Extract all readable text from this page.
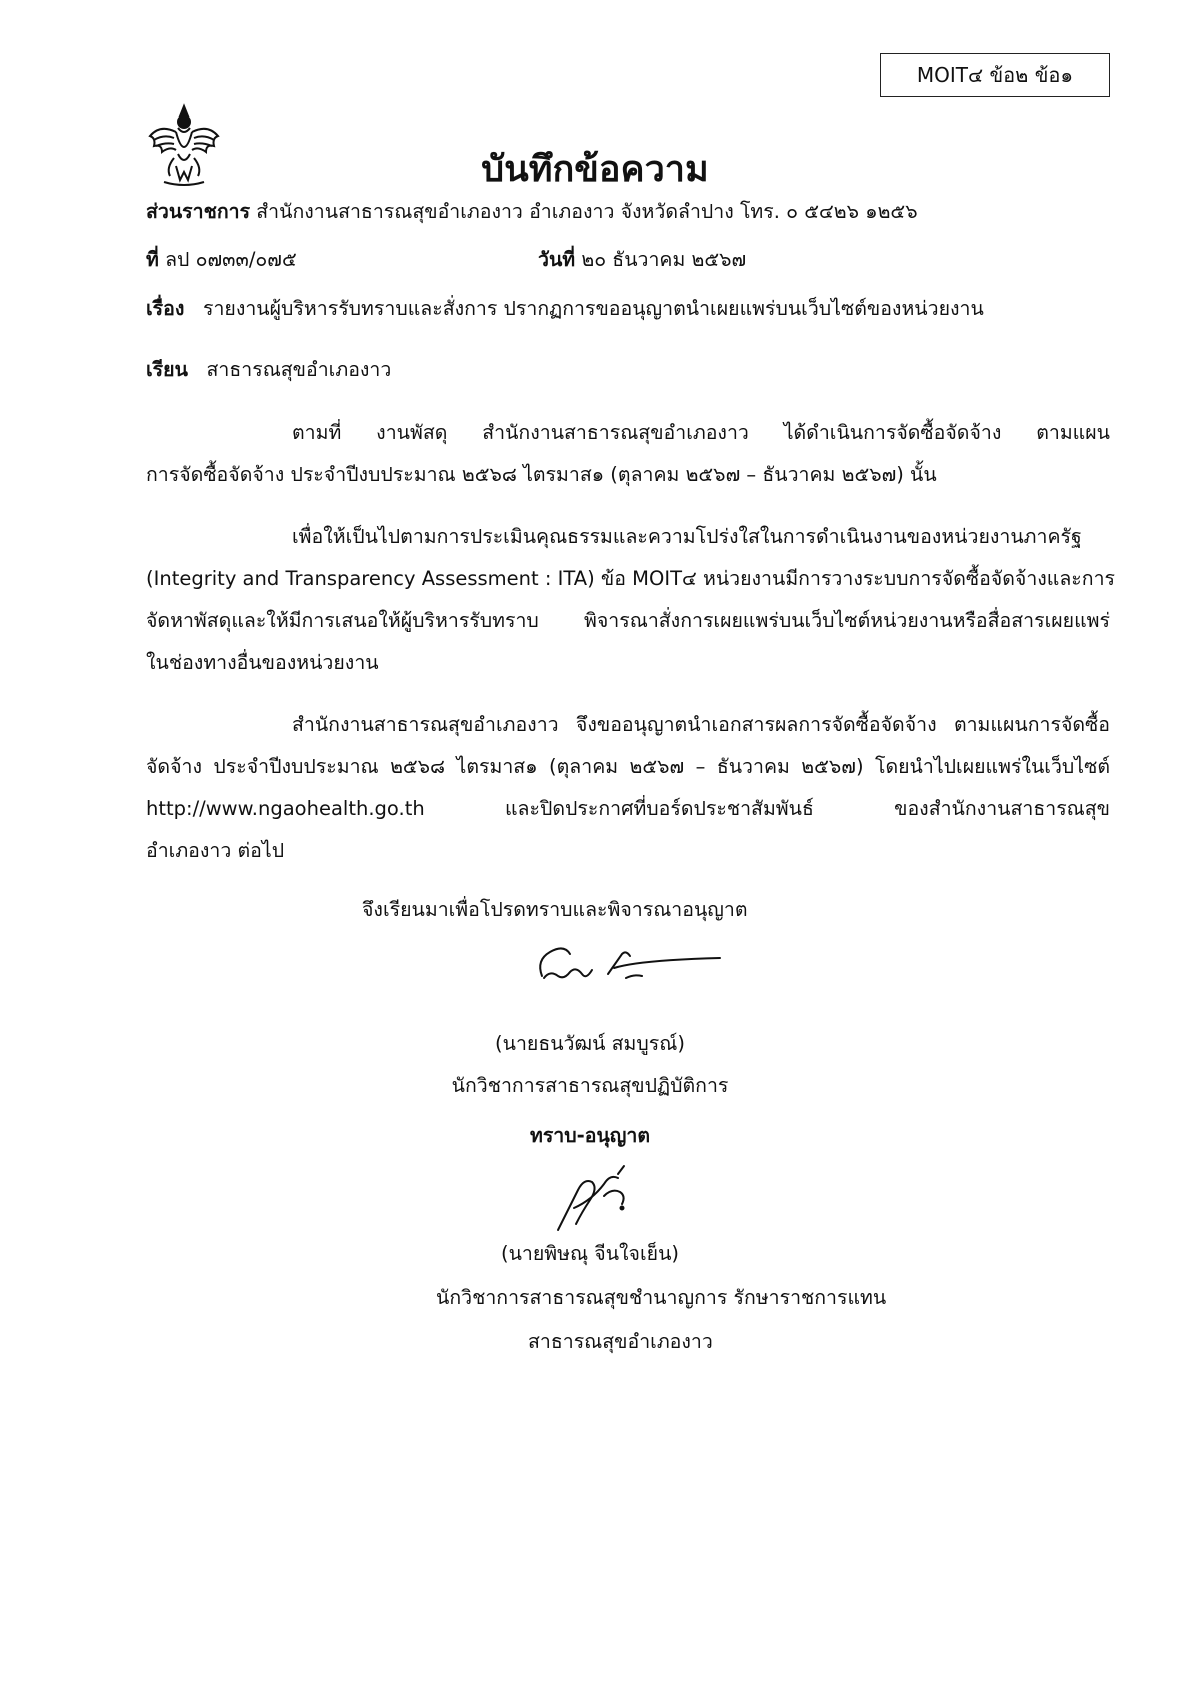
MOIT๔ ข้อ๒ ข้อ๑
บันทึกข้อความ
ส่วนราชการ สำนักงานสาธารณสุขอำเภองาว อำเภองาว จังหวัดลำปาง โทร. ๐ ๕๔๒๖ ๑๒๕๖
ที่ ลป ๐๗๓๓/๐๗๕	วันที่ ๒๐ ธันวาคม ๒๕๖๗
เรื่อง รายงานผู้บริหารรับทราบและสั่งการ ปรากฏการขออนุญาตนำเผยแพร่บนเว็บไซต์ของหน่วยงาน
เรียน สาธารณสุขอำเภองาว
ตามที่ งานพัสดุ สำนักงานสาธารณสุขอำเภองาว ได้ดำเนินการจัดซื้อจัดจ้าง ตามแผน
การจัดซื้อจัดจ้าง ประจำปีงบประมาณ ๒๕๖๘ ไตรมาส๑ (ตุลาคม ๒๕๖๗ – ธันวาคม ๒๕๖๗) นั้น
เพื่อให้เป็นไปตามการประเมินคุณธรรมและความโปร่งใสในการดำเนินงานของหน่วยงานภาครัฐ
(Integrity and Transparency Assessment : ITA) ข้อ MOIT๔ หน่วยงานมีการวางระบบการจัดซื้อจัดจ้างและการ
จัดหาพัสดุและให้มีการเสนอให้ผู้บริหารรับทราบ พิจารณาสั่งการเผยแพร่บนเว็บไซต์หน่วยงานหรือสื่อสารเผยแพร่
ในช่องทางอื่นของหน่วยงาน
สำนักงานสาธารณสุขอำเภองาว จึงขออนุญาตนำเอกสารผลการจัดซื้อจัดจ้าง ตามแผนการจัดซื้อ
จัดจ้าง ประจำปีงบประมาณ ๒๕๖๘ ไตรมาส๑ (ตุลาคม ๒๕๖๗ – ธันวาคม ๒๕๖๗) โดยนำไปเผยแพร่ในเว็บไซต์
http://www.ngaohealth.go.th และปิดประกาศที่บอร์ดประชาสัมพันธ์ ของสำนักงานสาธารณสุข
อำเภองาว ต่อไป
จึงเรียนมาเพื่อโปรดทราบและพิจารณาอนุญาต
(นายธนวัฒน์ สมบูรณ์)
นักวิชาการสาธารณสุขปฏิบัติการ
ทราบ-อนุญาต
(นายพิษณุ จีนใจเย็น)
นักวิชาการสาธารณสุขชำนาญการ รักษาราชการแทน
สาธารณสุขอำเภองาว
